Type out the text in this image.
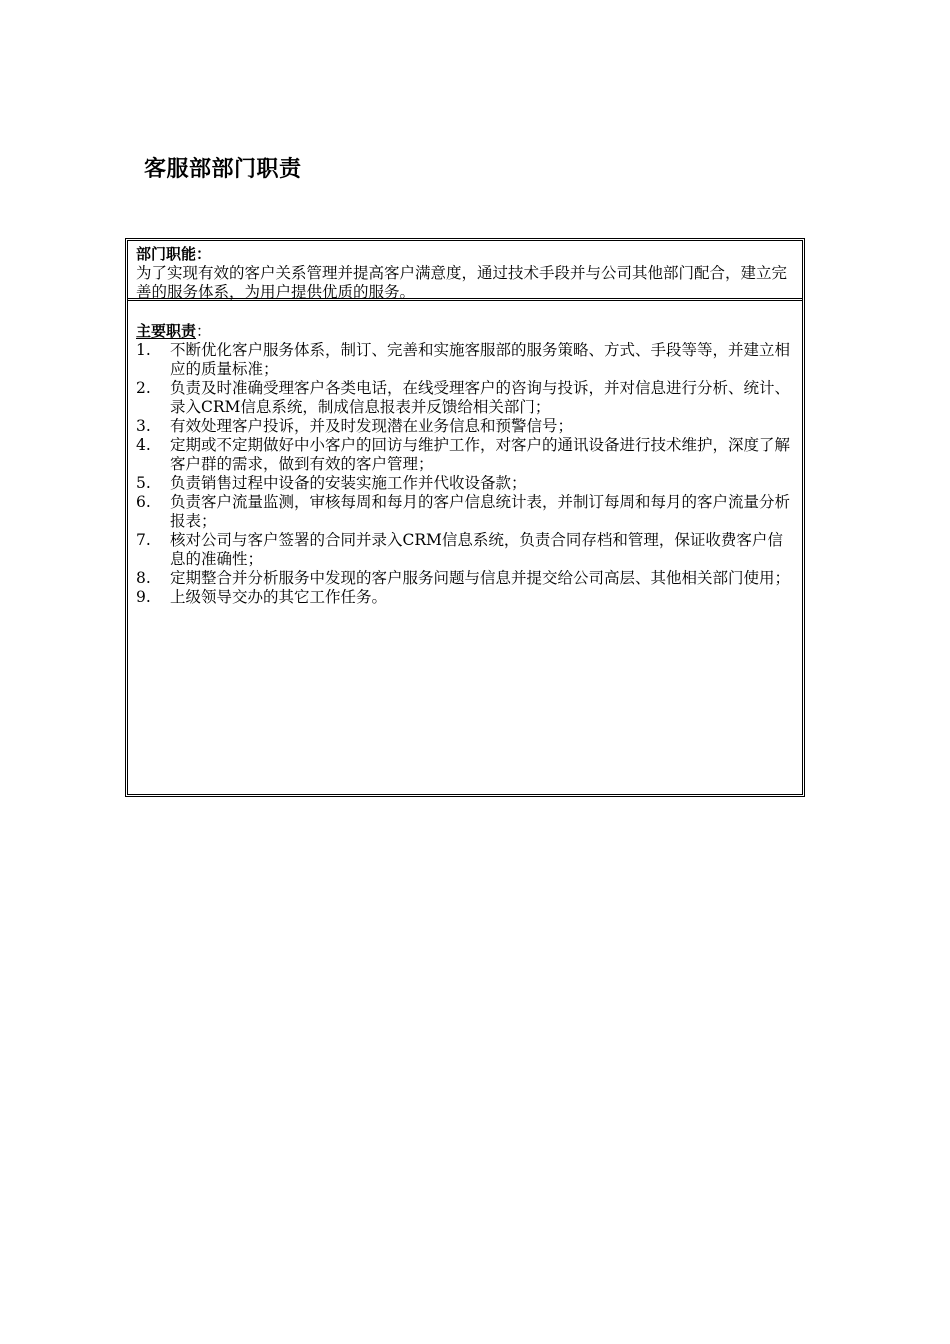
客服部部门职责
部门职能：

为了实现有效的客户关系管理并提高客户满意度，通过技术手段并与公司其他部门配合，建立完善的服务体系，为用户提供优质的服务。

主要职责：
1. 不断优化客户服务体系，制订、完善和实施客服部的服务策略、方式、手段等等，并建立相应的质量标准；
2. 负责及时准确受理客户各类电话，在线受理客户的咨询与投诉，并对信息进行分析、统计、录入CRM信息系统，制成信息报表并反馈给相关部门；
3. 有效处理客户投诉，并及时发现潜在业务信息和预警信号；
4. 定期或不定期做好中小客户的回访与维护工作，对客户的通讯设备进行技术维护，深度了解客户群的需求，做到有效的客户管理；
5. 负责销售过程中设备的安装实施工作并代收设备款；
6. 负责客户流量监测，审核每周和每月的客户信息统计表，并制订每周和每月的客户流量分析报表；
7. 核对公司与客户签署的合同并录入CRM信息系统，负责合同存档和管理，保证收费客户信息的准确性；
8. 定期整合并分析服务中发现的客户服务问题与信息并提交给公司高层、其他相关部门使用；
9. 上级领导交办的其它工作任务。
